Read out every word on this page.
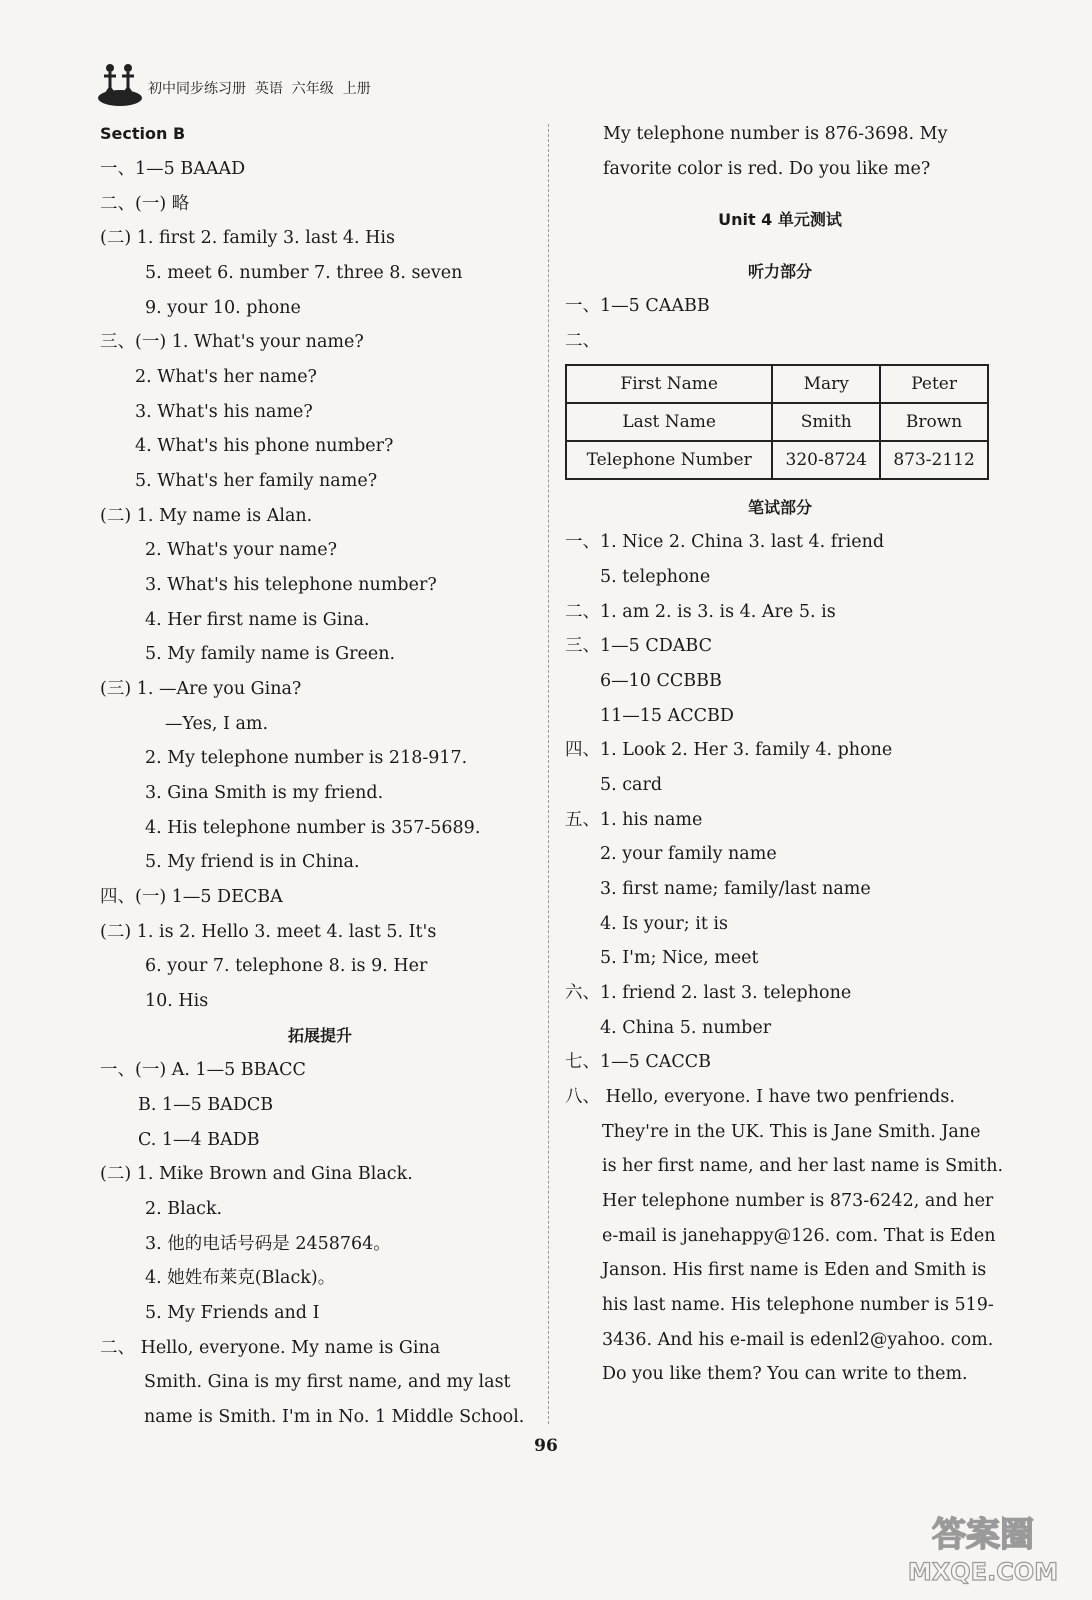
初中同步练习册  英语  六年级  上册
Section B
一、1—5 BAAAD
二、(一) 略
(二) 1. first 2. family 3. last 4. His
5. meet 6. number 7. three 8. seven
9. your 10. phone
三、(一) 1. What's your name?
2. What's her name?
3. What's his name?
4. What's his phone number?
5. What's her family name?
(二) 1. My name is Alan.
2. What's your name?
3. What's his telephone number?
4. Her first name is Gina.
5. My family name is Green.
(三) 1. —Are you Gina?
—Yes, I am.
2. My telephone number is 218-917.
3. Gina Smith is my friend.
4. His telephone number is 357-5689.
5. My friend is in China.
四、(一) 1—5 DECBA
(二) 1. is 2. Hello 3. meet 4. last 5. It's
6. your 7. telephone 8. is 9. Her
10. His
拓展提升
一、(一) A. 1—5 BBACC
B. 1—5 BADCB
C. 1—4 BADB
(二) 1. Mike Brown and Gina Black.
2. Black.
3. 他的电话号码是 2458764。
4. 她姓布莱克(Black)。
5. My Friends and I
二、 Hello, everyone. My name is Gina
Smith. Gina is my first name, and my last
name is Smith. I'm in No. 1 Middle School.
My telephone number is 876-3698. My
favorite color is red. Do you like me?
Unit 4 单元测试
听力部分
一、1—5 CAABB
二、
First Name	Mary	Peter
Last Name	Smith	Brown
Telephone Number	320-8724	873-2112
笔试部分
一、1. Nice 2. China 3. last 4. friend
5. telephone
二、1. am 2. is 3. is 4. Are 5. is
三、1—5 CDABC
6—10 CCBBB
11—15 ACCBD
四、1. Look 2. Her 3. family 4. phone
5. card
五、1. his name
2. your family name
3. first name; family/last name
4. Is your; it is
5. I'm; Nice, meet
六、1. friend 2. last 3. telephone
4. China 5. number
七、1—5 CACCB
八、 Hello, everyone. I have two penfriends.
They're in the UK. This is Jane Smith. Jane
is her first name, and her last name is Smith.
Her telephone number is 873-6242, and her
e-mail is janehappy@126. com. That is Eden
Janson. His first name is Eden and Smith is
his last name. His telephone number is 519-
3436. And his e-mail is edenl2@yahoo. com.
Do you like them? You can write to them.
96
答案圈
MXQE.COM
